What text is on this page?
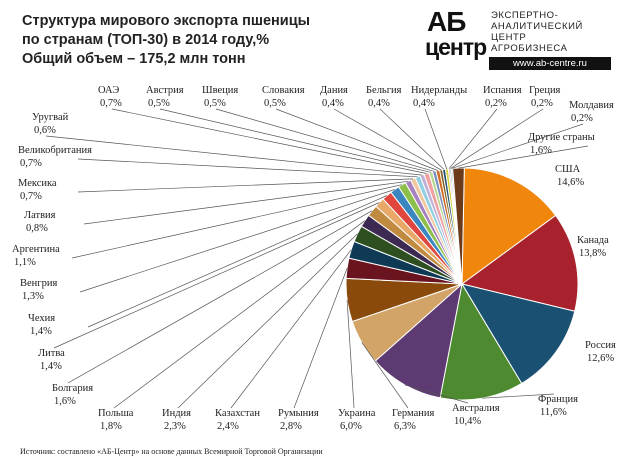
Структура мирового экспорта пшеницы
по странам (ТОП-30) в 2014 году,%
Общий объем – 175,2 млн тонн
АБ
центр
ЭКСПЕРТНО-
АНАЛИТИЧЕСКИЙ
ЦЕНТР
АГРОБИЗНЕСА
www.ab-centre.ru
США
14,6%
Канада
13,8%
Россия
12,6%
Франция
11,6%
Австралия
10,4%
Германия
6,3%
Украина
6,0%
Румыния
2,8%
Казахстан
2,4%
Индия
2,3%
Польша
1,8%
Болгария
1,6%
Литва
1,4%
Чехия
1,4%
Венгрия
1,3%
Аргентина
1,1%
Латвия
0,8%
Мексика
0,7%
Великобритания
0,7%
Уругвай
0,6%
ОАЭ
0,7%
Австрия
0,5%
Швеция
0,5%
Словакия
0,5%
Дания
0,4%
Бельгия
0,4%
Нидерланды
0,4%
Испания
0,2%
Греция
0,2% Молдавия
0,2%
Другие страны
1,6%
Источник: составлено «АБ-Центр» на основе данных Всемирной Торговой Организации
